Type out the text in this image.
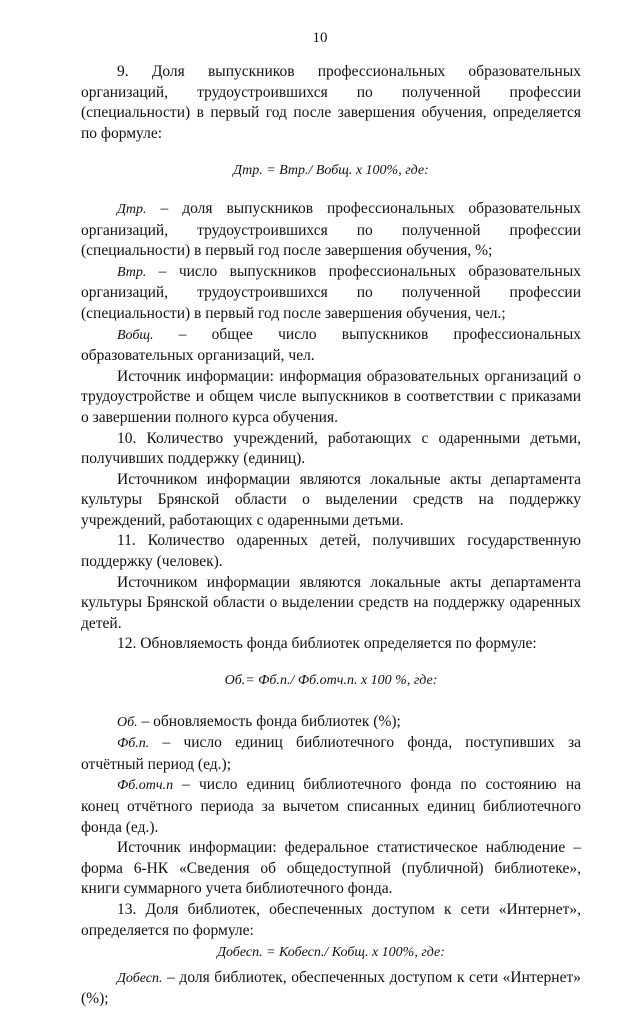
10

9. Доля выпускников профессиональных образовательных организаций, трудоустроившихся по полученной профессии (специальности) в первый год после завершения обучения, определяется по формуле:

Дтр. = Втр./ Вобщ. х 100%, где:

Дтр. – доля выпускников профессиональных образовательных организаций, трудоустроившихся по полученной профессии (специальности) в первый год после завершения обучения, %;

Втр. – число выпускников профессиональных образовательных организаций, трудоустроившихся по полученной профессии (специальности) в первый год после завершения обучения, чел.;

Вобщ. – общее число выпускников профессиональных образовательных организаций, чел.

Источник информации: информация образовательных организаций о трудоустройстве и общем числе выпускников в соответствии с приказами о завершении полного курса обучения.

10. Количество учреждений, работающих с одаренными детьми, получивших поддержку (единиц).

Источником информации являются локальные акты департамента культуры Брянской области о выделении средств на поддержку учреждений, работающих с одаренными детьми.

11. Количество одаренных детей, получивших государственную поддержку (человек).

Источником информации являются локальные акты департамента культуры Брянской области о выделении средств на поддержку одаренных детей.

12. Обновляемость фонда библиотек определяется по формуле:

Об.= Фб.п./ Фб.отч.п. х 100 %, где:

Об. – обновляемость фонда библиотек (%);

Фб.п. – число единиц библиотечного фонда, поступивших за отчётный период (ед.);

Фб.отч.п – число единиц библиотечного фонда по состоянию на конец отчётного периода за вычетом списанных единиц библиотечного фонда (ед.).

Источник информации: федеральное статистическое наблюдение – форма 6-НК «Сведения об общедоступной (публичной) библиотеке», книги суммарного учета библиотечного фонда.

13. Доля библиотек, обеспеченных доступом к сети «Интернет», определяется по формуле:

Добесп. = Кобесп./ Кобщ. х 100%, где:

Добесп. – доля библиотек, обеспеченных доступом к сети «Интернет» (%);
